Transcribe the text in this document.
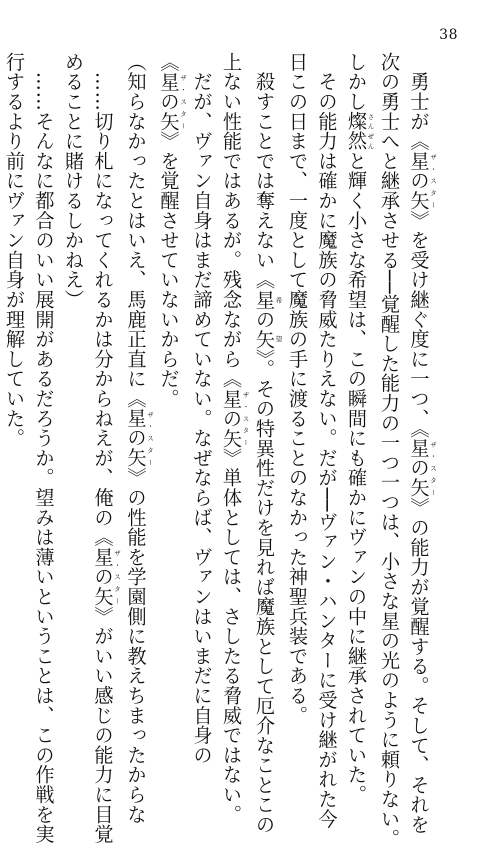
38
　勇士が《星の矢ザ・スター》を受け継ぐ度に一つ、《星の矢ザ・スター》の能力が覚醒する。そして、それを
次の勇士へと継承させる──覚醒した能力の一つ一つは、小さな星の光のように頼りない。
しかし燦然さんぜんと輝く小さな希望は、この瞬間にも確かにヴァンの中に継承されていた。
　その能力は確かに魔族の脅威たりえない。だが──ヴァン・ハンターに受け継がれた今
日この日まで、一度として魔族の手に渡ることのなかった神聖兵装である。
　殺すことでは奪えない《星の矢希望》。その特異性だけを見れば魔族として厄介なことこの
上ない性能ではあるが。残念ながら《星の矢ザ・スター》単体としては、さしたる脅威ではない。
　だが、ヴァン自身はまだ諦めていない。なぜならば、ヴァンはいまだに自身の
《星の矢ザ・スター》を覚醒させていないからだ。
（知らなかったとはいえ、馬鹿正直に《星の矢ザ・スター》の性能を学園側に教えちまったからな
　……切り札になってくれるかは分からねえが、俺の《星の矢ザ・スター》がいい感じの能力に目覚
めることに賭けるしかねえ）
　……そんなに都合のいい展開があるだろうか。望みは薄いということは、この作戦を実
行するより前にヴァン自身が理解していた。
